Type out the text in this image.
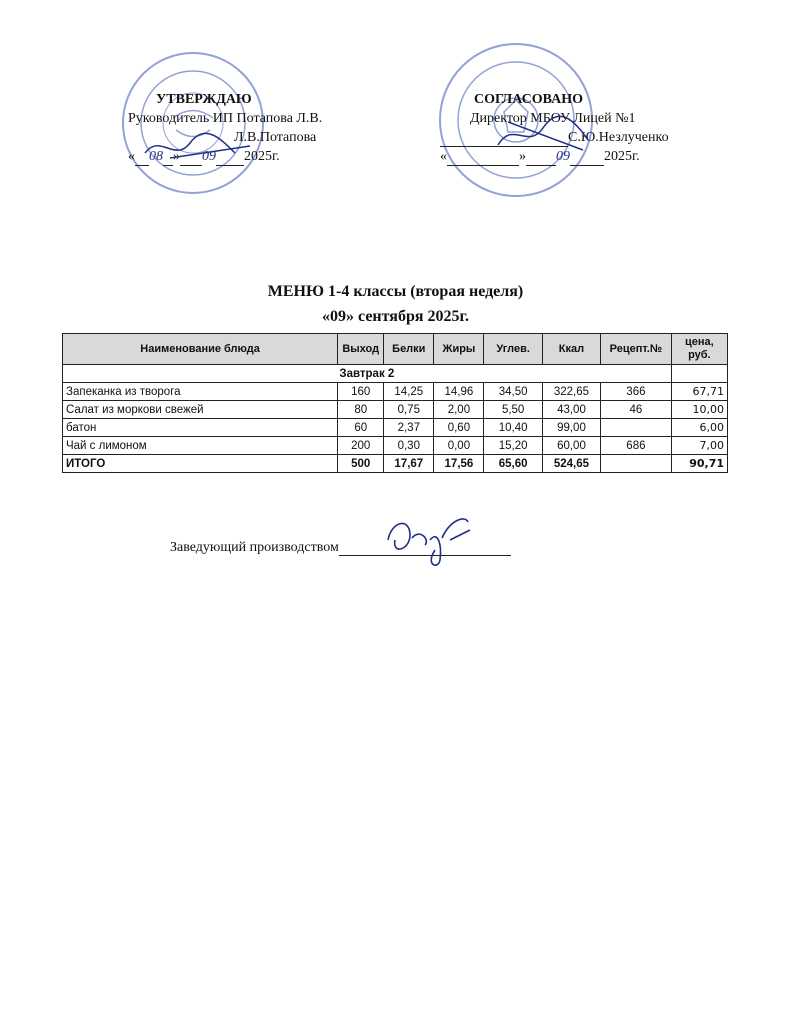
УТВЕРЖДАЮ
Руководитель ИП Потапова Л.В.
Л.В.Потапова
« 08 » 09 2025г.
СОГЛАСОВАНО
Директор МБОУ Лицей №1
С.Ю.Незлученко
«	» 09 2025г.
МЕНЮ 1-4 классы (вторая неделя)
«09» сентября 2025г.
Наименование блюда	Выход	Белки	Жиры	Углев.	Ккал	Рецепт.№	цена, руб.
Завтрак 2							
Запеканка из творога	160	14,25	14,96	34,50	322,65	366	67,71
Салат из моркови свежей	80	0,75	2,00	5,50	43,00	46	10,00
батон	60	2,37	0,60	10,40	99,00		6,00
Чай с лимоном	200	0,30	0,00	15,20	60,00	686	7,00
ИТОГО	500	17,67	17,56	65,60	524,65		90,71
Заведующий производством
